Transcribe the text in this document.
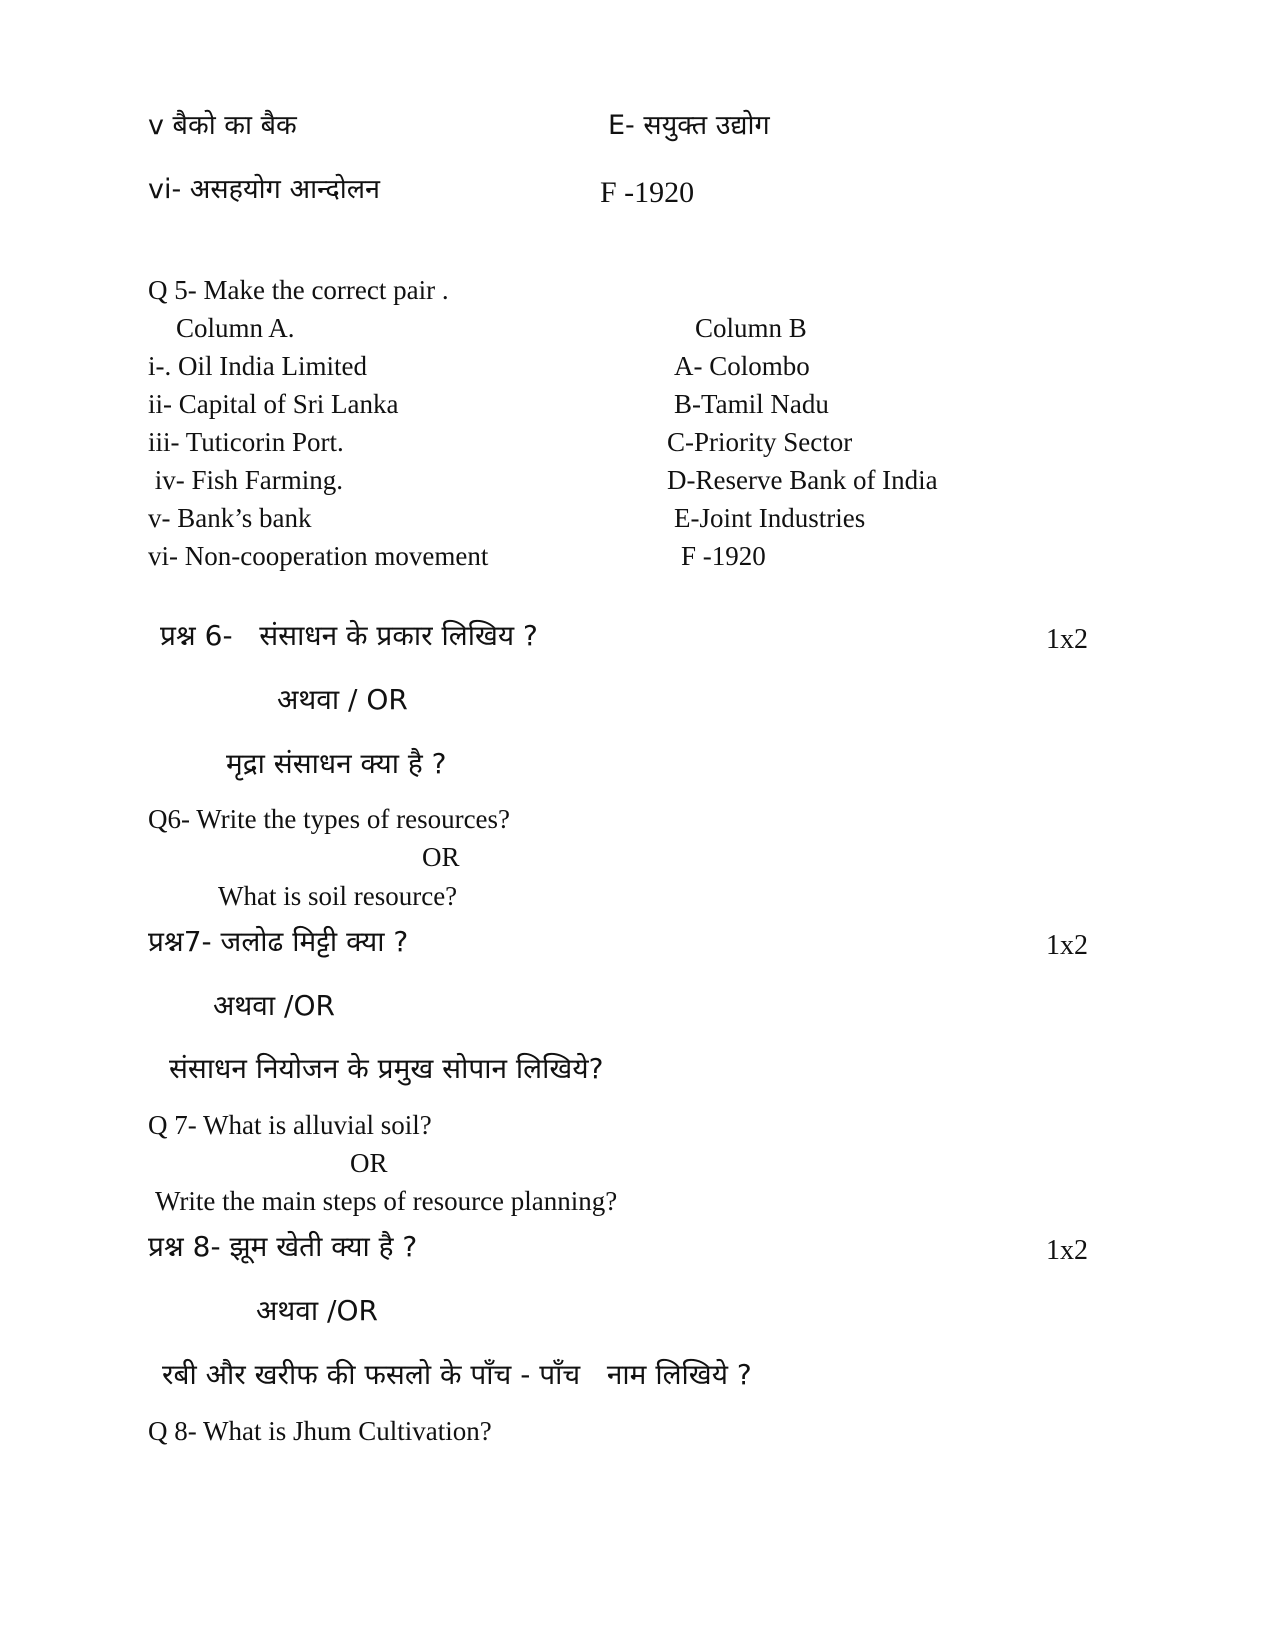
v बैको का बैक	E- सयुक्त उद्योग
vi- असहयोग आन्दोलन	F -1920
Q 5- Make the correct pair .
Column A.	Column B
i-. Oil India Limited	A- Colombo
ii- Capital of Sri Lanka	B-Tamil Nadu
iii- Tuticorin Port.	C-Priority Sector
iv- Fish Farming.	D-Reserve Bank of India
v- Bank’s bank	E-Joint Industries
vi- Non-cooperation movement	F -1920
प्रश्न 6-   संसाधन के प्रकार लिखिय ?	1x2
अथवा / OR
मृद्रा संसाधन क्या है ?
Q6- Write the types of resources?
OR
What is soil resource?
प्रश्न7- जलोढ मिट्टी क्या ?	1x2
अथवा /OR
संसाधन नियोजन के प्रमुख सोपान लिखिये?
Q 7- What is alluvial soil?
OR
Write the main steps of resource planning?
प्रश्न 8- झूम खेती क्या है ?	1x2
अथवा /OR
रबी और खरीफ की फसलो के पाँच - पाँच   नाम लिखिये ?
Q 8- What is Jhum Cultivation?
